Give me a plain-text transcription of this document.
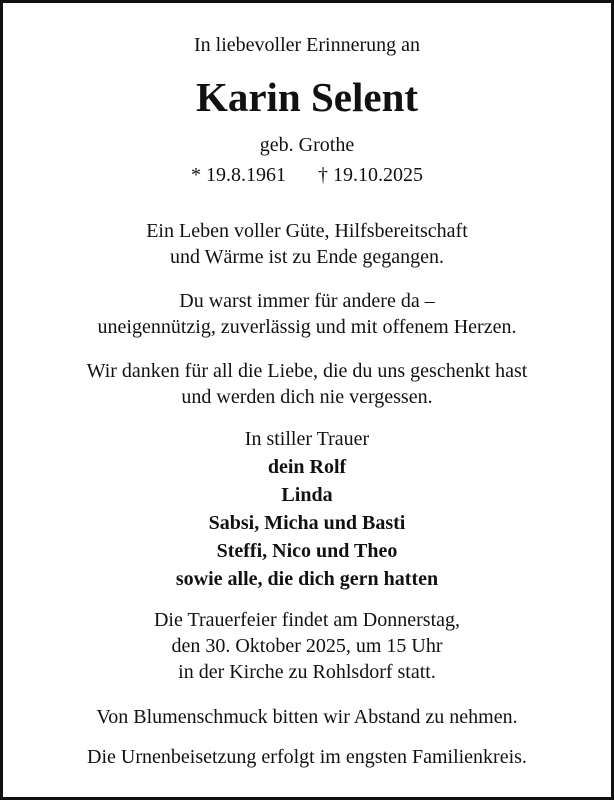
In liebevoller Erinnerung an
Karin Selent
geb. Grothe
* 19.8.1961 † 19.10.2025
Ein Leben voller Güte, Hilfsbereitschaft
und Wärme ist zu Ende gegangen.
Du warst immer für andere da –
uneigennützig, zuverlässig und mit offenem Herzen.
Wir danken für all die Liebe, die du uns geschenkt hast
und werden dich nie vergessen.
In stiller Trauer
dein Rolf
Linda
Sabsi, Micha und Basti
Steffi, Nico und Theo
sowie alle, die dich gern hatten
Die Trauerfeier findet am Donnerstag,
den 30. Oktober 2025, um 15 Uhr
in der Kirche zu Rohlsdorf statt.
Von Blumenschmuck bitten wir Abstand zu nehmen.
Die Urnenbeisetzung erfolgt im engsten Familienkreis.
